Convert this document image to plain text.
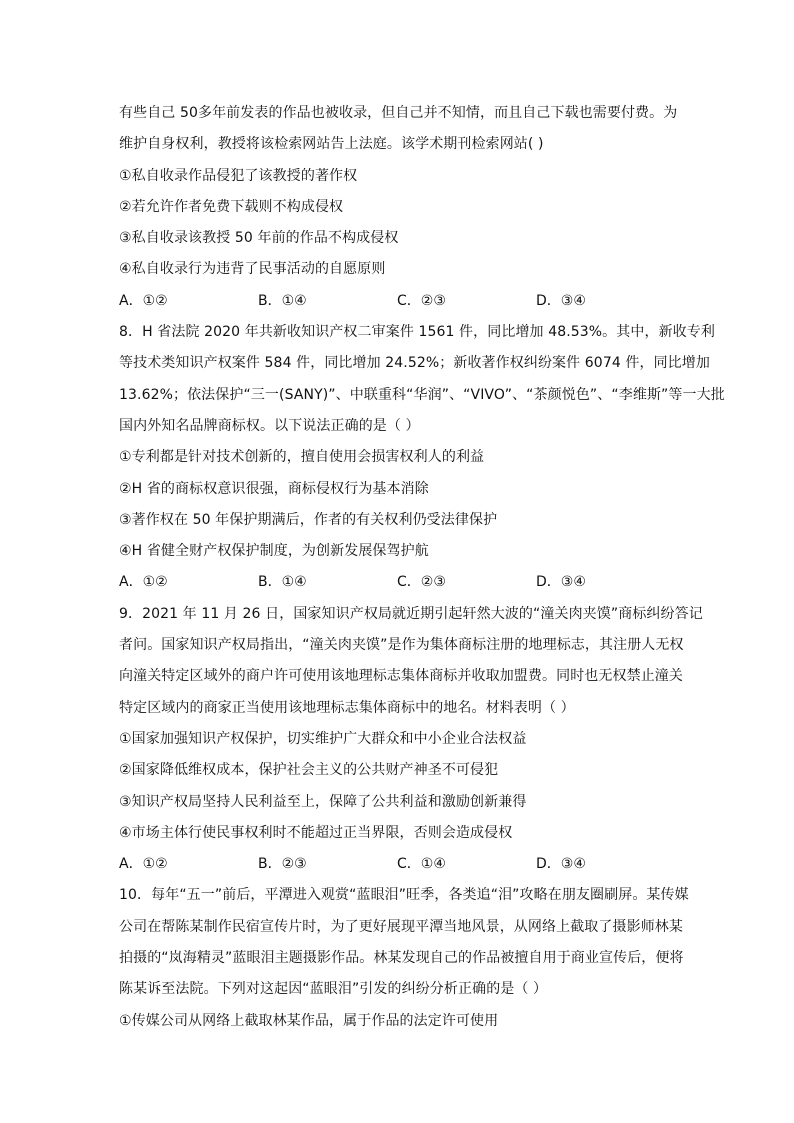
有些自己 50多年前发表的作品也被收录，但自己并不知情，而且自己下载也需要付费。为
维护自身权利，教授将该检索网站告上法庭。该学术期刊检索网站( )
①私自收录作品侵犯了该教授的著作权
②若允许作者免费下载则不构成侵权
③私自收录该教授 50 年前的作品不构成侵权
④私自收录行为违背了民事活动的自愿原则
A．①②	B．①④	C．②③	D．③④
8．H 省法院 2020 年共新收知识产权二审案件 1561 件，同比增加 48.53%。其中，新收专利
等技术类知识产权案件 584 件，同比增加 24.52%；新收著作权纠纷案件 6074 件，同比增加
13.62%；依法保护“三一(SANY)”、中联重科“华润”、“VIVO”、“茶颜悦色”、“李维斯”等一大批
国内外知名品牌商标权。以下说法正确的是（ ）
①专利都是针对技术创新的，擅自使用会损害权利人的利益
②H 省的商标权意识很强，商标侵权行为基本消除
③著作权在 50 年保护期满后，作者的有关权利仍受法律保护
④H 省健全财产权保护制度，为创新发展保驾护航
A．①②	B．①④	C．②③	D．③④
9．2021 年 11 月 26 日，国家知识产权局就近期引起轩然大波的“潼关肉夹馍”商标纠纷答记
者问。国家知识产权局指出，“潼关肉夹馍”是作为集体商标注册的地理标志，其注册人无权
向潼关特定区域外的商户许可使用该地理标志集体商标并收取加盟费。同时也无权禁止潼关
特定区域内的商家正当使用该地理标志集体商标中的地名。材料表明（ ）
①国家加强知识产权保护，切实维护广大群众和中小企业合法权益
②国家降低维权成本，保护社会主义的公共财产神圣不可侵犯
③知识产权局坚持人民利益至上，保障了公共利益和激励创新兼得
④市场主体行使民事权利时不能超过正当界限，否则会造成侵权
A．①②	B．②③	C．①④	D．③④
10．每年“五一”前后，平潭进入观赏“蓝眼泪”旺季，各类追“泪”攻略在朋友圈刷屏。某传媒
公司在帮陈某制作民宿宣传片时，为了更好展现平潭当地风景，从网络上截取了摄影师林某
拍摄的“岚海精灵”蓝眼泪主题摄影作品。林某发现自己的作品被擅自用于商业宣传后，便将
陈某诉至法院。下列对这起因“蓝眼泪”引发的纠纷分析正确的是（ ）
①传媒公司从网络上截取林某作品，属于作品的法定许可使用
